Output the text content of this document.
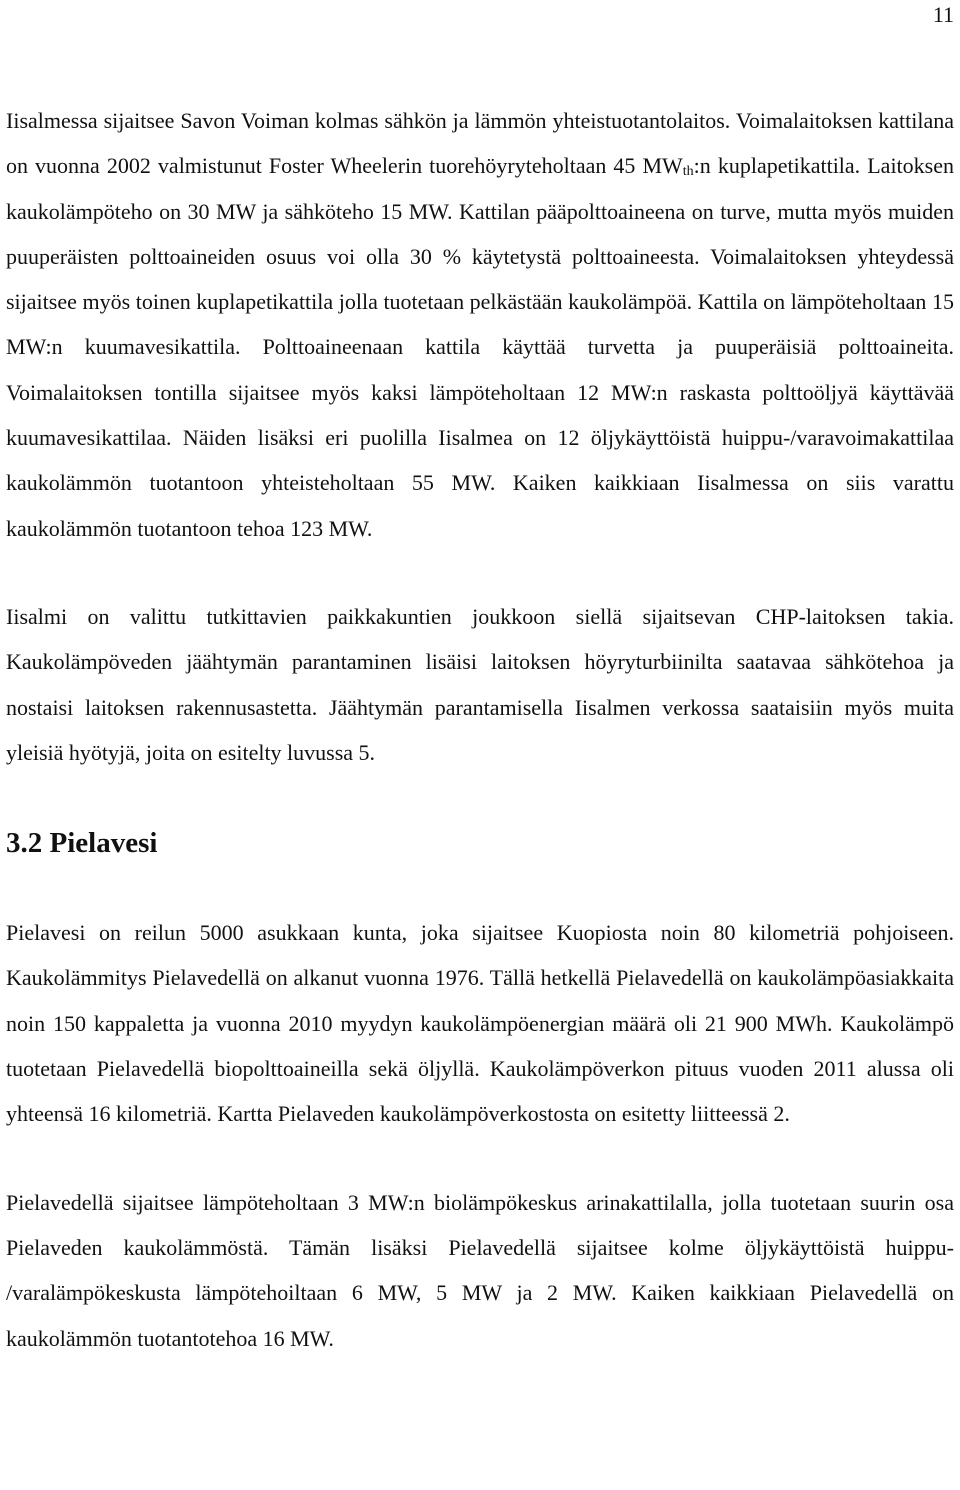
11

Iisalmessa sijaitsee Savon Voiman kolmas sähkön ja lämmön yhteistuotantolaitos. Voimalaitoksen kattilana on vuonna 2002 valmistunut Foster Wheelerin tuorehöyryteholtaan 45 $MW_{th}:n$ kuplapetikattila. Laitoksen kaukolämpöteho on 30 MW ja sähköteho 15 MW. Kattilan pääpolttoaineena on turve, mutta myös muiden puuperäisten polttoaineiden osuus voi olla 30 % käytetystä polttoaineesta. Voimalaitoksen yhteydessä sijaitsee myös toinen kuplapetikattila jolla tuotetaan pelkästään kaukolämpöä. Kattila on lämpöteholtaan 15 MW:n kuumavesikattila. Polttoaineenaan kattila käyttää turvetta ja puuperäisiä polttoaineita. Voimalaitoksen tontilla sijaitsee myös kaksi lämpöteholtaan 12 MW:n raskasta polttoöljyä käyttävää kuumavesikattilaa. Näiden lisäksi eri puolilla Iisalmea on 12 öljykäyttöistä huippu-/varavoimakattilaa kaukolämmön tuotantoon yhteisteholtaan 55 MW. Kaiken kaikkiaan Iisalmessa on siis varattu kaukolämmön tuotantoon tehoa 123 MW.

Iisalmi on valittu tutkittavien paikkakuntien joukkoon siellä sijaitsevan CHP-laitoksen takia. Kaukolämpöveden jäähtymän parantaminen lisäisi laitoksen höyryturbiinilta saatavaa sähkötehoa ja nostaisi laitoksen rakennusastetta. Jäähtymän parantamisella Iisalmen verkossa saataisiin myös muita yleisiä hyötyjä, joita on esitelty luvussa 5.

3.2 Pielavesi

Pielavesi on reilun 5000 asukkaan kunta, joka sijaitsee Kuopiosta noin 80 kilometriä pohjoiseen. Kaukolämmitys Pielavedellä on alkanut vuonna 1976. Tällä hetkellä Pielavedellä on kaukolämpöasiakkaita noin 150 kappaletta ja vuonna 2010 myydyn kaukolämpöenergian määrä oli 21 900 MWh. Kaukolämpö tuotetaan Pielavedellä biopolttoaineilla sekä öljyllä. Kaukolämpöverkon pituus vuoden 2011 alussa oli yhteensä 16 kilometriä. Kartta Pielaveden kaukolämpöverkostosta on esitetty liitteessä 2.

Pielavedellä sijaitsee lämpöteholtaan 3 MW:n biolämpökeskus arinakattilalla, jolla tuotetaan suurin osa Pielaveden kaukolämmöstä. Tämän lisäksi Pielavedellä sijaitsee kolme öljykäyttöistä huippu- /varalämpökeskusta lämpötehoiltaan 6 MW, 5 MW ja 2 MW. Kaiken kaikkiaan Pielavedellä on kaukolämmön tuotantotehoa 16 MW.
